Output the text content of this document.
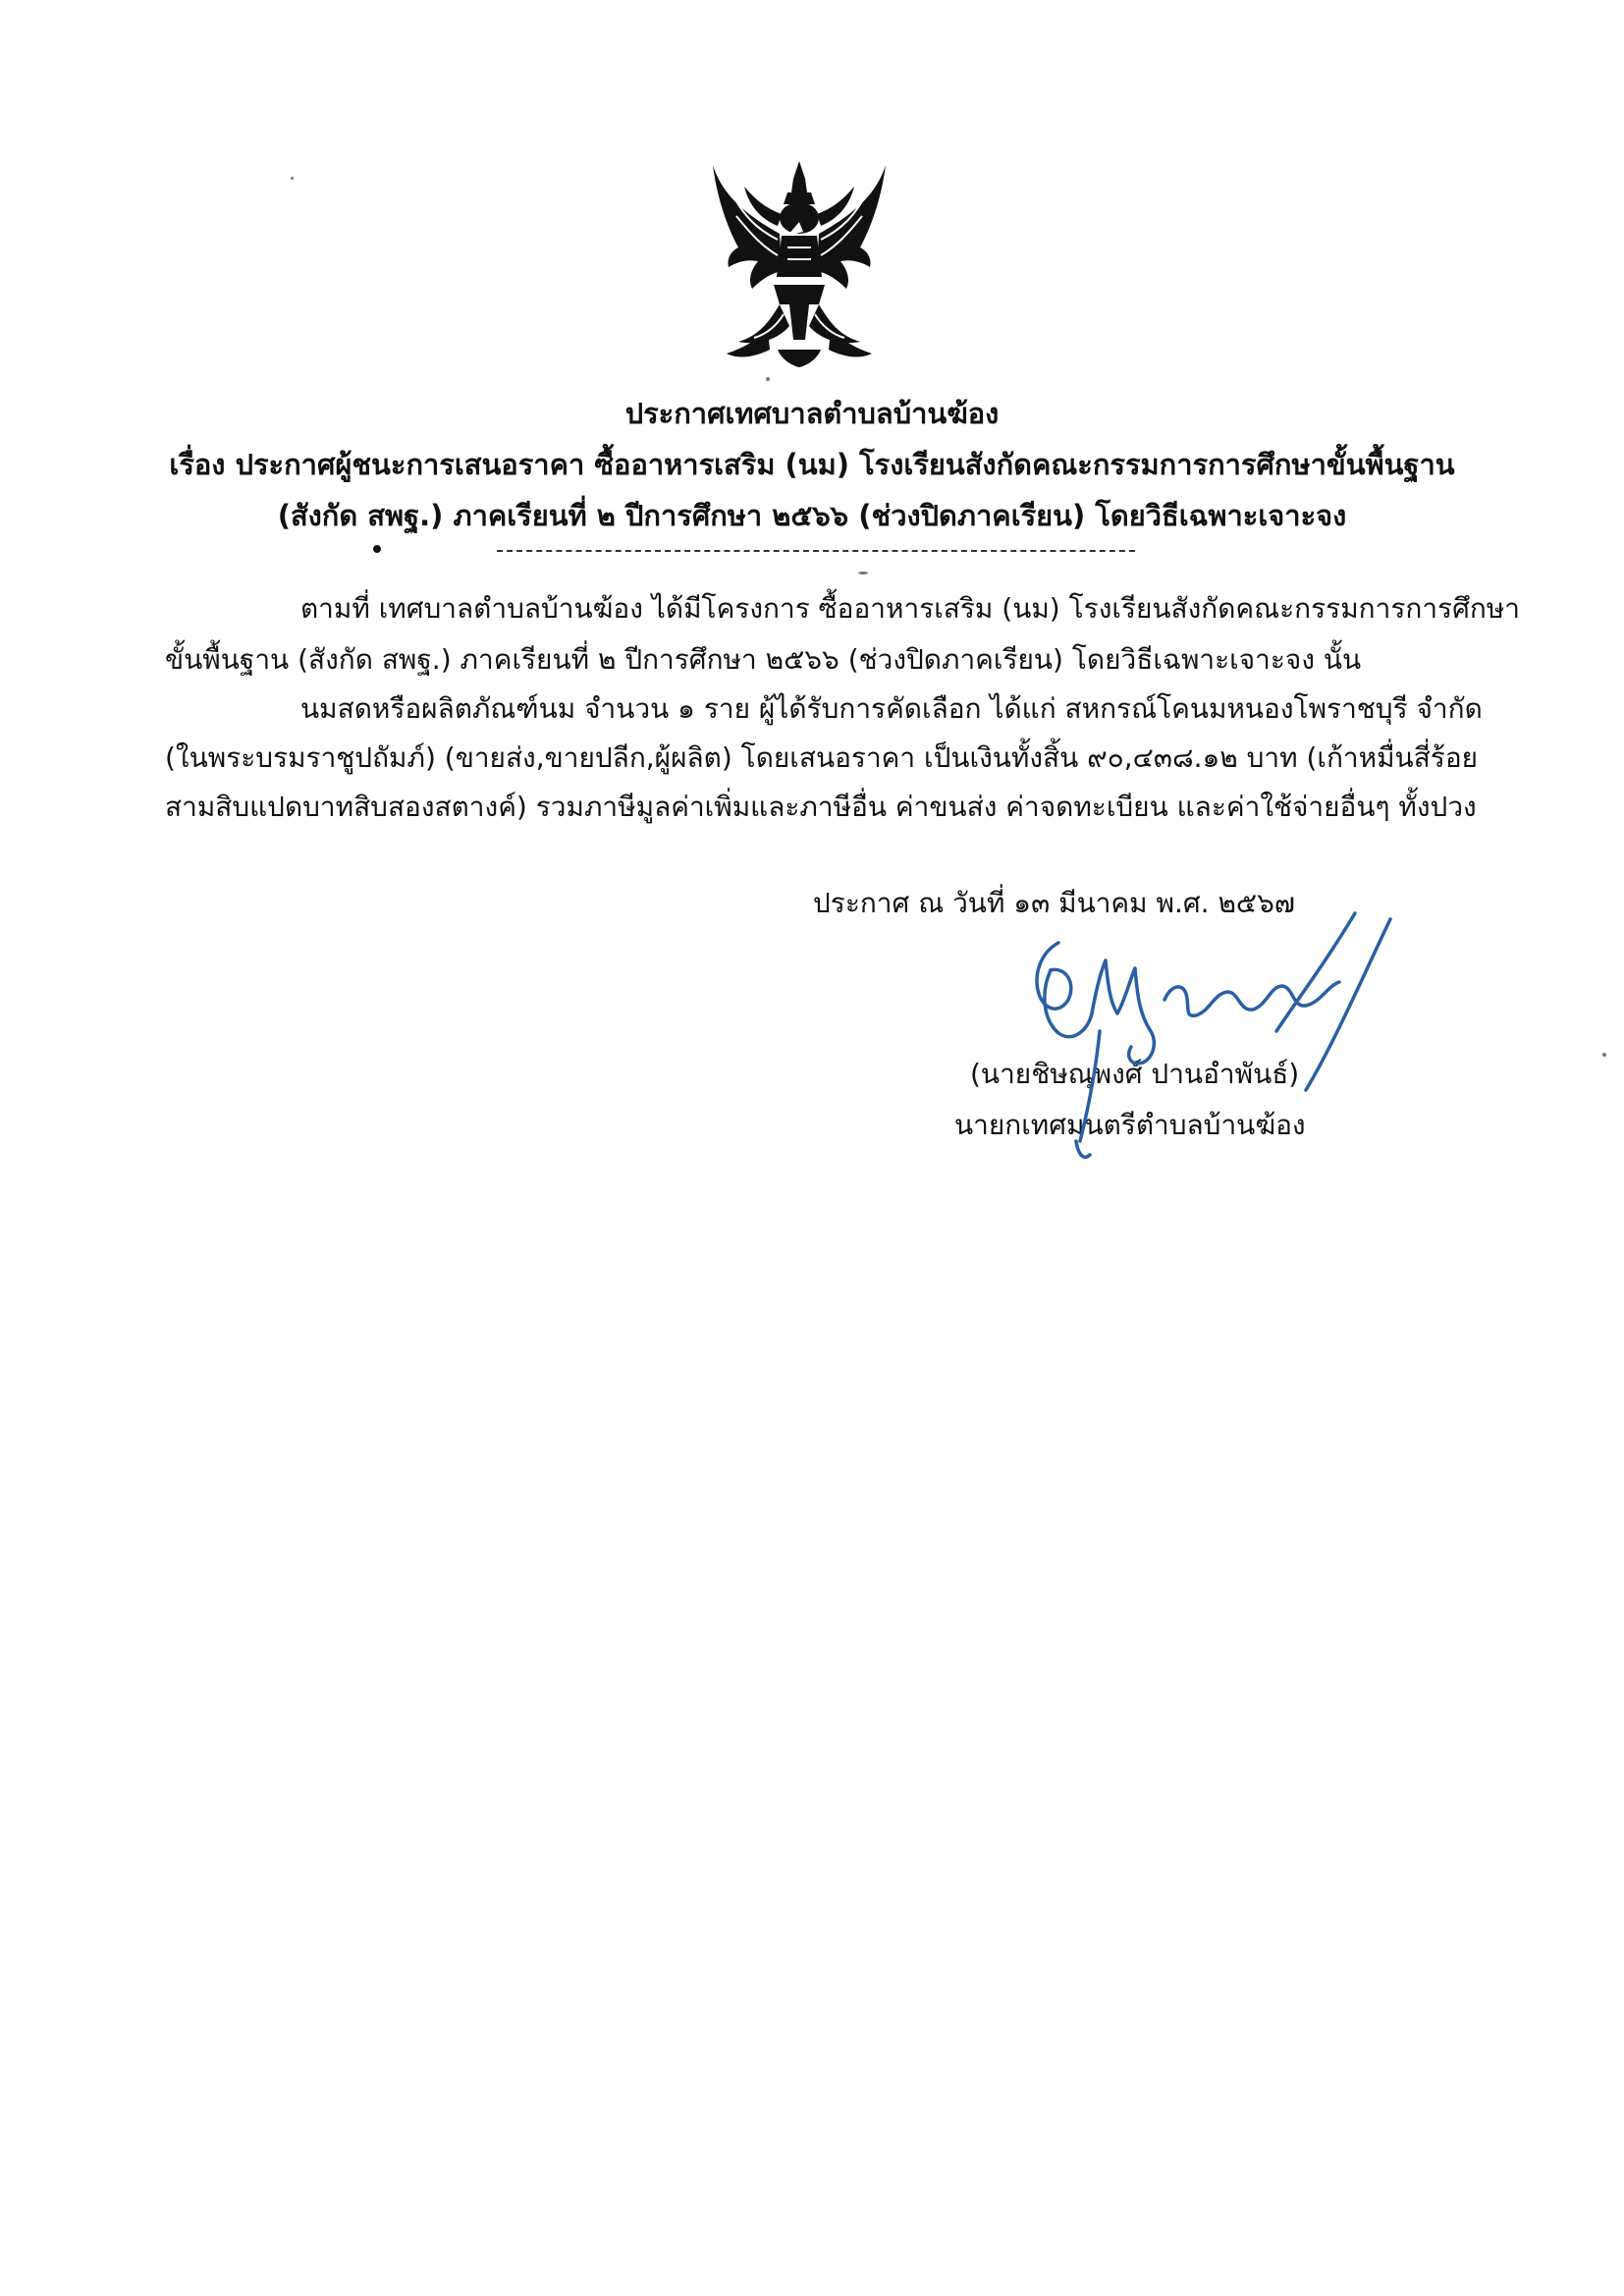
ประกาศเทศบาลตำบลบ้านฆ้อง
เรื่อง ประกาศผู้ชนะการเสนอราคา ซื้ออาหารเสริม (นม) โรงเรียนสังกัดคณะกรรมการการศึกษาขั้นพื้นฐาน
(สังกัด สพฐ.) ภาคเรียนที่ ๒ ปีการศึกษา ๒๕๖๖ (ช่วงปิดภาคเรียน) โดยวิธีเฉพาะเจาะจง
ตามที่ เทศบาลตำบลบ้านฆ้อง ได้มีโครงการ ซื้ออาหารเสริม (นม) โรงเรียนสังกัดคณะกรรมการการศึกษา
ขั้นพื้นฐาน (สังกัด สพฐ.) ภาคเรียนที่ ๒ ปีการศึกษา ๒๕๖๖ (ช่วงปิดภาคเรียน) โดยวิธีเฉพาะเจาะจง นั้น
นมสดหรือผลิตภัณฑ์นม จำนวน ๑ ราย ผู้ได้รับการคัดเลือก ได้แก่ สหกรณ์โคนมหนองโพราชบุรี จำกัด
(ในพระบรมราชูปถัมภ์) (ขายส่ง,ขายปลีก,ผู้ผลิต) โดยเสนอราคา เป็นเงินทั้งสิ้น ๙๐,๔๓๘.๑๒ บาท (เก้าหมื่นสี่ร้อย
สามสิบแปดบาทสิบสองสตางค์) รวมภาษีมูลค่าเพิ่มและภาษีอื่น ค่าขนส่ง ค่าจดทะเบียน และค่าใช้จ่ายอื่นๆ ทั้งปวง
ประกาศ ณ วันที่ ๑๓ มีนาคม พ.ศ. ๒๕๖๗
(นายชิษณุพงศ์ ปานอำพันธ์)
นายกเทศมนตรีตำบลบ้านฆ้อง
